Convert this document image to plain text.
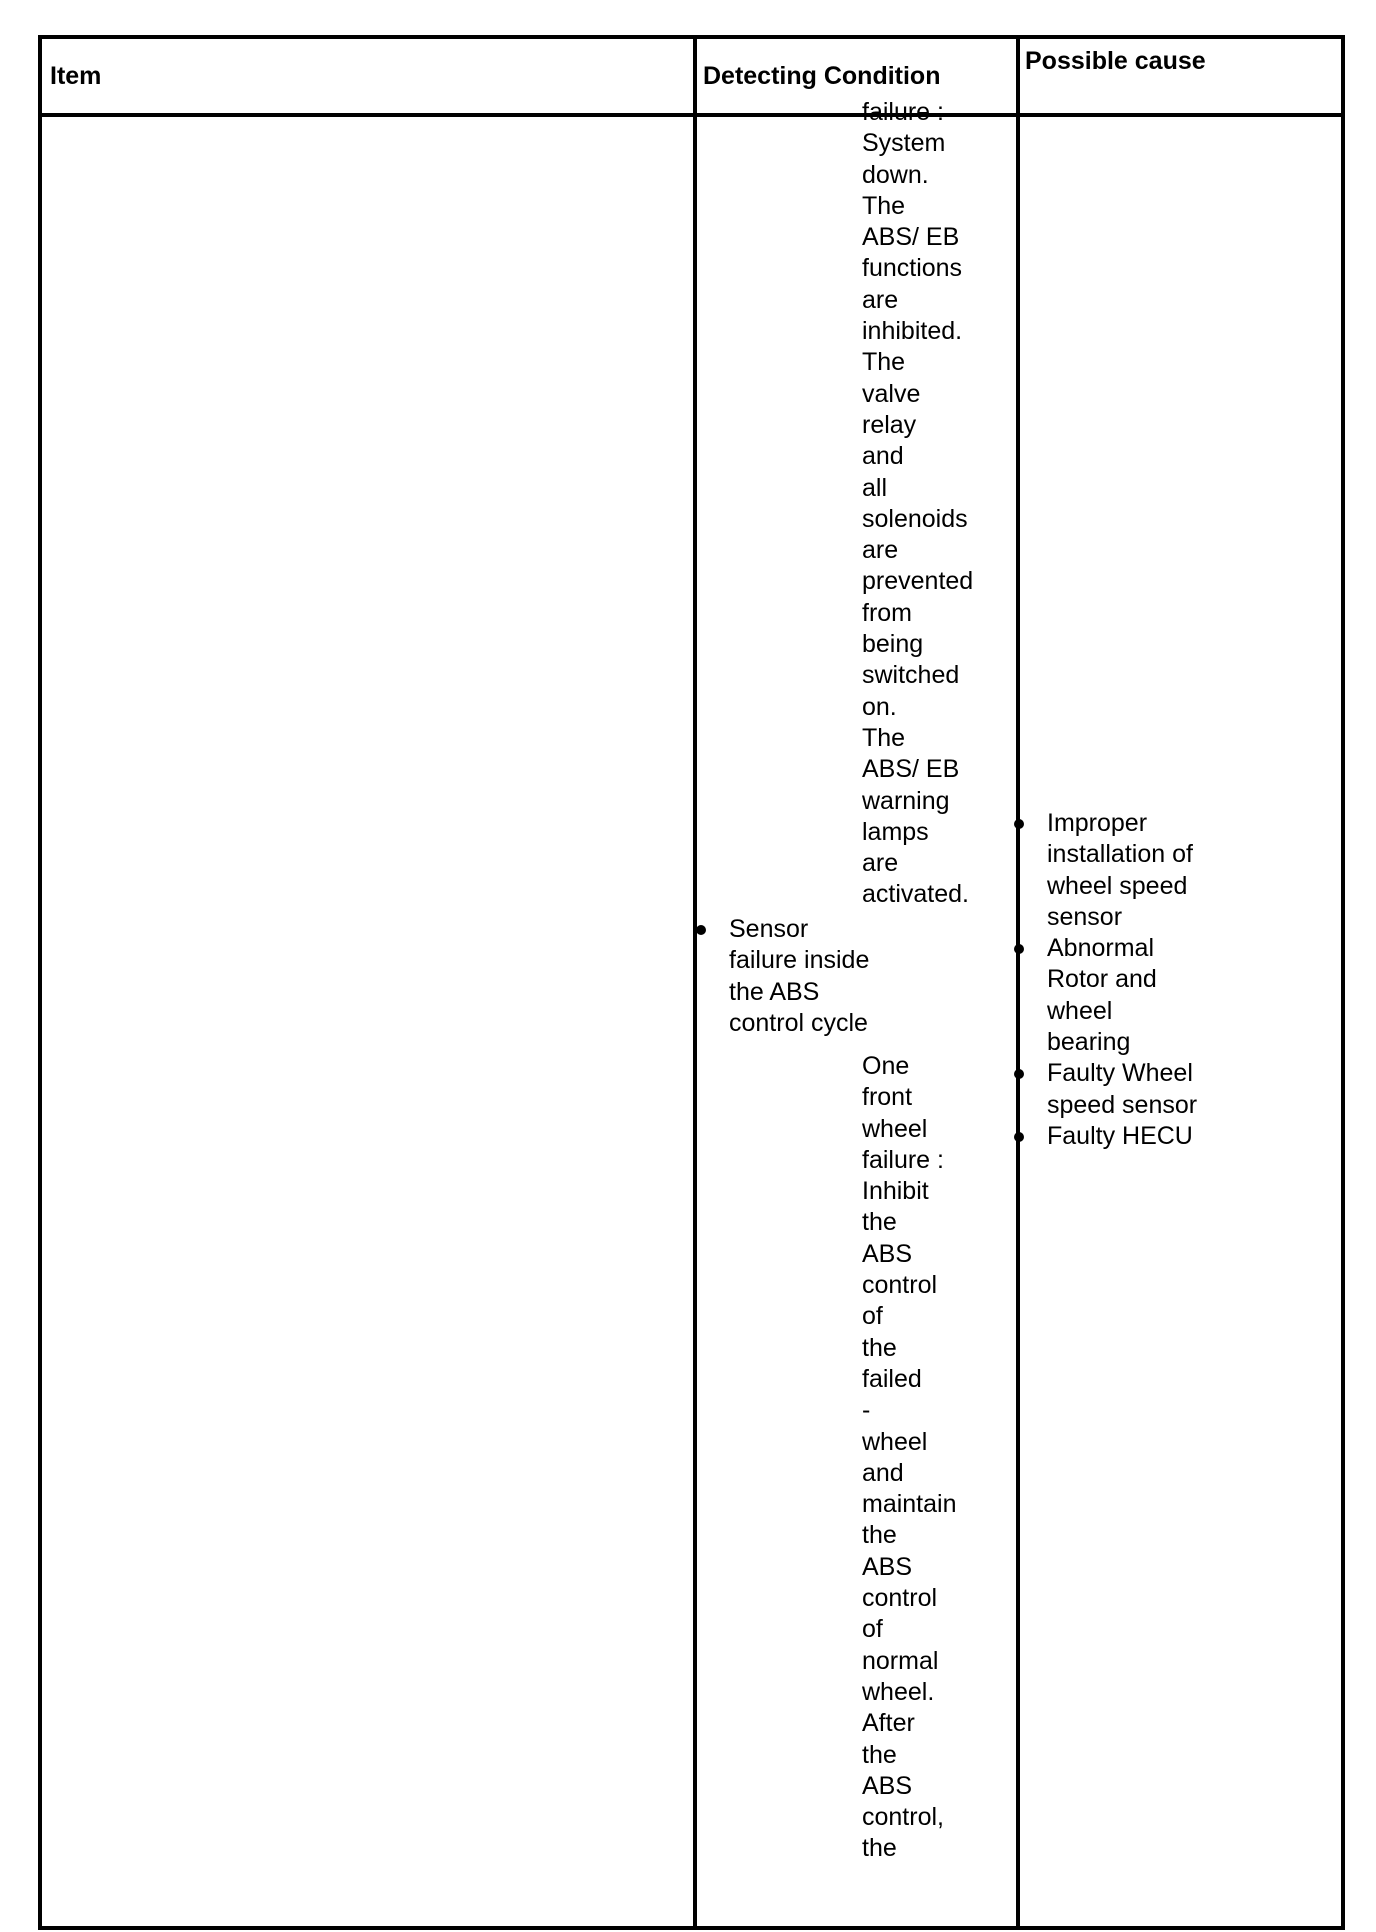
Item	Detecting Condition
Possible cause
failure :
System
down.
The
ABS/ EB
functions
are
inhibited.
The
valve
relay
and
all
solenoids
are
prevented
from
being
switched
on.
The
ABS/ EB
warning
lamps
are
activated.
Sensor
failure inside
the ABS
control cycle
One
front
wheel
failure :
Inhibit
the
ABS
control
of
the
failed
-
wheel
and
maintain
the
ABS
control
of
normal
wheel.
After
the
ABS
control,
the
Improper
installation of
wheel speed
sensor
Abnormal
Rotor and
wheel
bearing
Faulty Wheel
speed sensor
Faulty HECU
